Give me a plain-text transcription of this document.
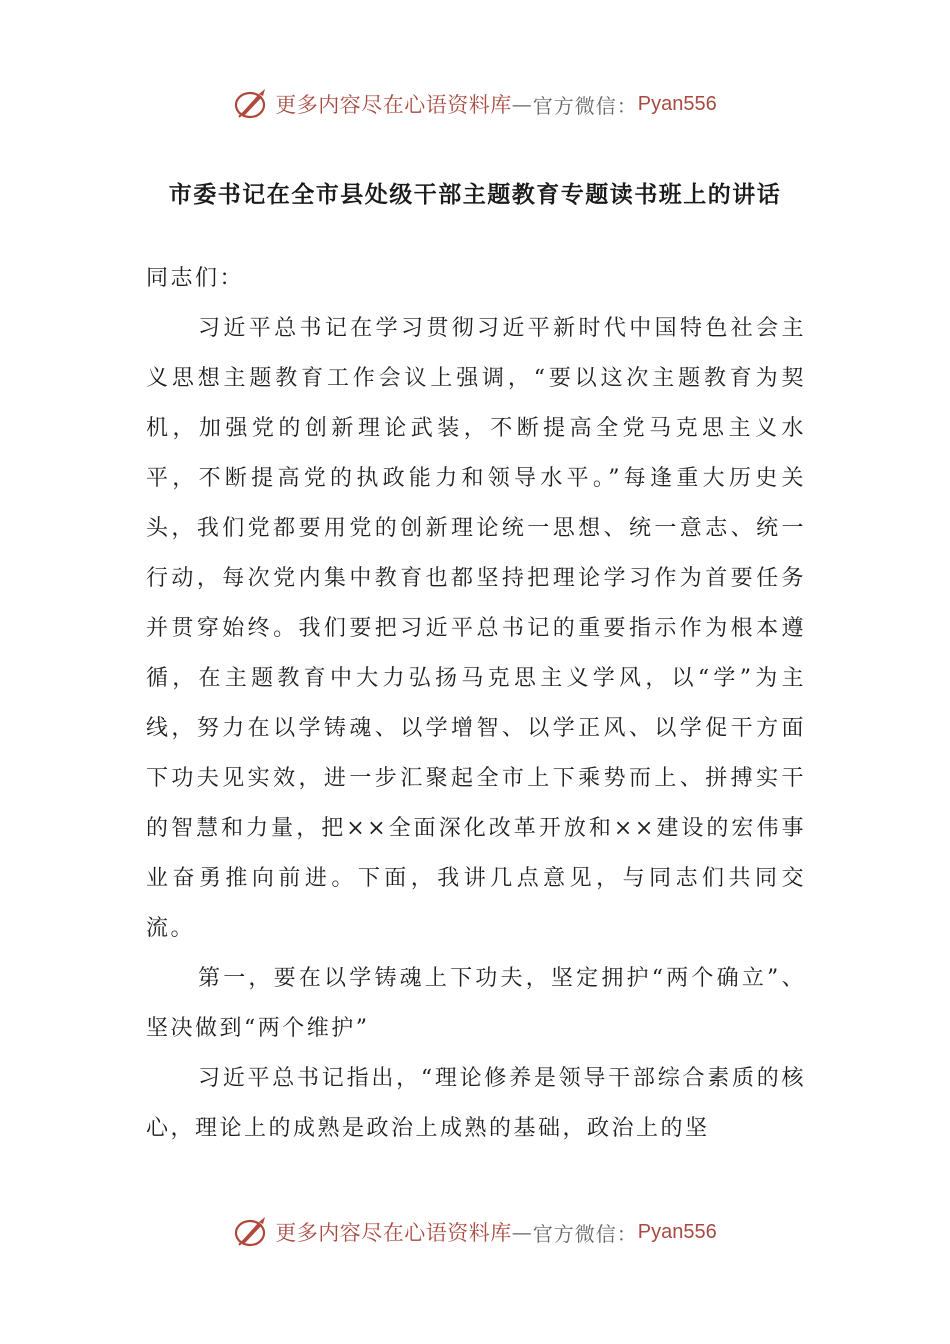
更多内容尽在心语资料库 — 官方微信： Pyan556
市委书记在全市县处级干部主题教育专题读书班上的讲话

同志们：

习近平总书记在学习贯彻习近平新时代中国特色社会主义思想主题教育工作会议上强调，“要以这次主题教育为契机，加强党的创新理论武装，不断提高全党马克思主义水平，不断提高党的执政能力和领导水平。”每逢重大历史关头，我们党都要用党的创新理论统一思想、统一意志、统一行动，每次党内集中教育也都坚持把理论学习作为首要任务并贯穿始终。我们要把习近平总书记的重要指示作为根本遵循，在主题教育中大力弘扬马克思主义学风，以“学”为主线，努力在以学铸魂、以学增智、以学正风、以学促干方面下功夫见实效，进一步汇聚起全市上下乘势而上、拼搏实干的智慧和力量，把××全面深化改革开放和××建设的宏伟事业奋勇推向前进。下面，我讲几点意见，与同志们共同交流。

第一，要在以学铸魂上下功夫，坚定拥护“两个确立”、坚决做到“两个维护”

习近平总书记指出，“理论修养是领导干部综合素质的核心，理论上的成熟是政治上成熟的基础，政治上的坚

更多内容尽在心语资料库 — 官方微信： Pyan556
